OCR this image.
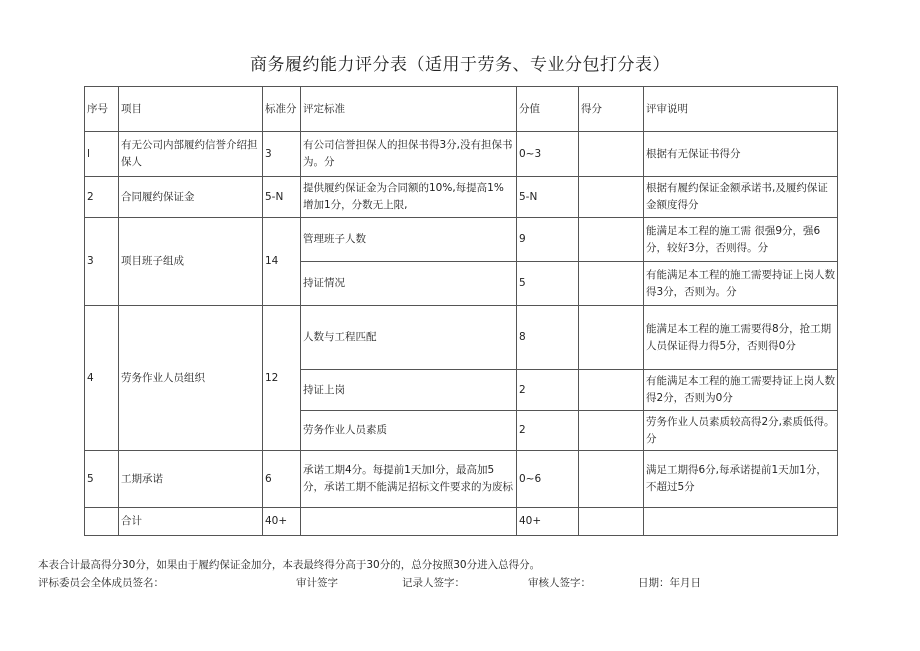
商务履约能力评分表（适用于劳务、专业分包打分表）
序号	项目	标准分	评定标准	分值	得分	评审说明
l	有无公司内部履约信誉介绍担保人	3	有公司信誉担保人的担保书得3分,没有担保书为。分	0~3		根据有无保证书得分
2	合同履约保证金	5-N	提供履约保证金为合同额的10%,每提高1%增加1分，分数无上限,	5-N		根据有履约保证金额承诺书,及履约保证金额度得分
3	项目班子组成	14	管理班子人数	9		能满足本工程的施工需 很强9分，强6分，较好3分，否则得。分
			持证情况	5		有能满足本工程的施工需要持证上岗人数得3分，否则为。分
4	劳务作业人员组织	12	人数与工程匹配	8		能满足本工程的施工需要得8分，抢工期人员保证得力得5分，否则得0分
			持证上岗	2		有能满足本工程的施工需要持证上岗人数得2分，否则为0分
			劳务作业人员素质	2		劳务作业人员素质较高得2分,素质低得。分
5	工期承诺	6	承诺工期4分。每提前1天加I分，最高加5分，承诺工期不能满足招标文件要求的为废标	0~6		满足工期得6分,每承诺提前1天加1分，不超过5分
	合计	40+		40+		
本表合计最高得分30分，如果由于履约保证金加分，本表最终得分高于30分的，总分按照30分进入总得分。
评标委员会全体成员签名：	审计签字	记录人签字：	审核人签字：	日期：年月日
